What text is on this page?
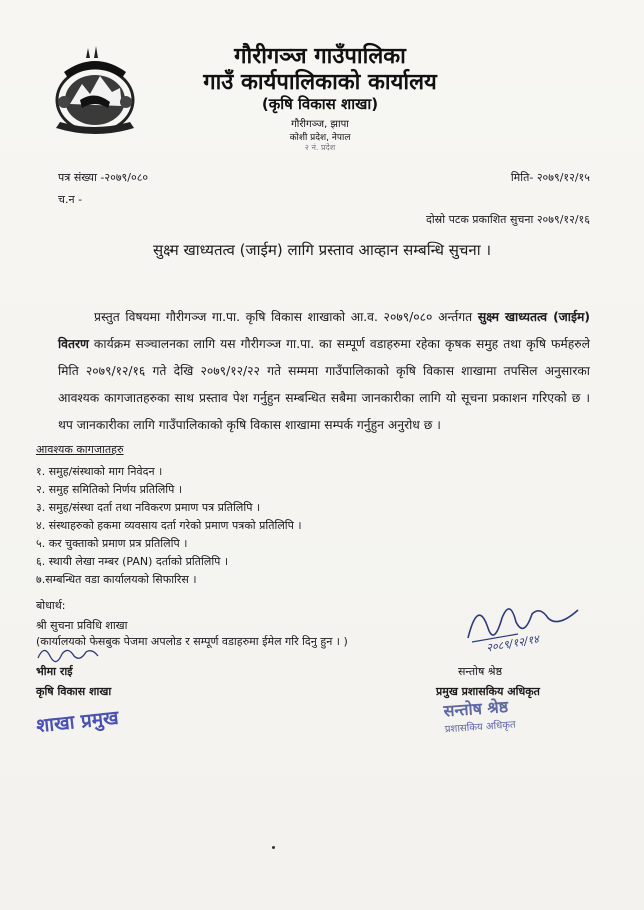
गौरीगञ्ज गाउँपालिका
गाउँ कार्यपालिकाको कार्यालय
(कृषि विकास शाखा)
गौरीगञ्ज, झापा
कोशी प्रदेश, नेपाल
२ नं. प्रदेश
पत्र संख्या -२०७९/०८०
च.न -
मिति- २०७९/१२/१५
दोस्रो पटक प्रकाशित सुचना २०७९/१२/१६
सुक्ष्म खाध्यतत्व (जाईम) लागि प्रस्ताव आव्हान सम्बन्धि सुचना ।

प्रस्तुत विषयमा गौरीगञ्ज गा.पा. कृषि विकास शाखाको आ.व. २०७९/०८० अर्न्तगत सुक्ष्म खाध्यतत्व (जाईम) वितरण कार्यक्रम सञ्चालनका लागि यस गौरीगञ्ज गा.पा. का सम्पूर्ण वडाहरुमा रहेका कृषक समुह तथा कृषि फर्महरुले मिति २०७९/१२/१६ गते देखि २०७९/१२/२२ गते सम्ममा गाउँपालिकाको कृषि विकास शाखामा तपसिल अनुसारका आवश्यक कागजातहरुका साथ प्रस्ताव पेश गर्नुहुन सम्बन्धित सबैमा जानकारीका लागि यो सूचना प्रकाशन गरिएको छ । थप जानकारीका लागि गाउँपालिकाको कृषि विकास शाखामा सम्पर्क गर्नुहुन अनुरोध छ ।

आवश्यक कागजातहरु
१. समुह/संस्थाको माग निवेदन ।
२. समुह समितिको निर्णय प्रतिलिपि ।
३. समुह/संस्था दर्ता तथा नविकरण प्रमाण पत्र प्रतिलिपि ।
४. संस्थाहरुको हकमा व्यवसाय दर्ता गरेको प्रमाण पत्रको प्रतिलिपि ।
५. कर चुक्ताको प्रमाण प्रत्र प्रतिलिपि ।
६. स्थायी लेखा नम्बर (PAN) दर्ताको प्रतिलिपि ।
७.सम्बन्धित वडा कार्यालयको सिफारिस ।
बोधार्थ:
श्री सुचना प्रविधि शाखा
(कार्यालयको फेसबुक पेजमा अपलोड र सम्पूर्ण वडाहरुमा ईमेल गरि दिनु हुन । )
भीमा राई
कृषि विकास शाखा
शाखा प्रमुख
२०८९/१२/१४
सन्तोष श्रेष्ठ
प्रमुख प्रशासकिय अधिकृत
सन्तोष श्रेष्ठ
प्रशासकिय अधिकृत
